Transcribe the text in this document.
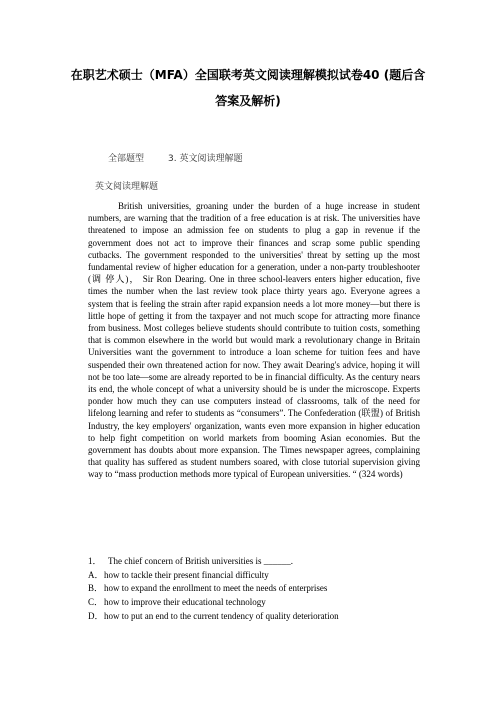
在职艺术硕士（MFA）全国联考英文阅读理解模拟试卷40 (题后含答案及解析)
全部题型	3. 英文阅读理解题
英文阅读理解题
British universities, groaning under the burden of a huge increase in student numbers, are warning that the tradition of a free education is at risk. The universities have threatened to impose an admission fee on students to plug a gap in revenue if the government does not act to improve their finances and scrap some public spending cutbacks. The government responded to the universities' threat by setting up the most fundamental review of higher education for a generation, under a non-party troubleshooter (调 停人)， Sir Ron Dearing. One in three school-leavers enters higher education, five times the number when the last review took place thirty years ago. Everyone agrees a system that is feeling the strain after rapid expansion needs a lot more money—but there is little hope of getting it from the taxpayer and not much scope for attracting more finance from business. Most colleges believe students should contribute to tuition costs, something that is common elsewhere in the world but would mark a revolutionary change in Britain Universities want the government to introduce a loan scheme for tuition fees and have suspended their own threatened action for now. They await Dearing's advice, hoping it will not be too late—some are already reported to be in financial difficulty. As the century nears its end, the whole concept of what a university should be is under the microscope. Experts ponder how much they can use computers instead of classrooms, talk of the need for lifelong learning and refer to students as “consumers”. The Confederation (联盟) of British Industry, the key employers' organization, wants even more expansion in higher education to help fight competition on world markets from booming Asian economies. But the government has doubts about more expansion. The Times newspaper agrees, complaining that quality has suffered as student numbers soared, with close tutorial supervision giving way to “mass production methods more typical of European universities. “ (324 words)
1． The chief concern of British universities is ______.
A． how to tackle their present financial difficulty
B． how to expand the enrollment to meet the needs of enterprises
C． how to improve their educational technology
D． how to put an end to the current tendency of quality deterioration
